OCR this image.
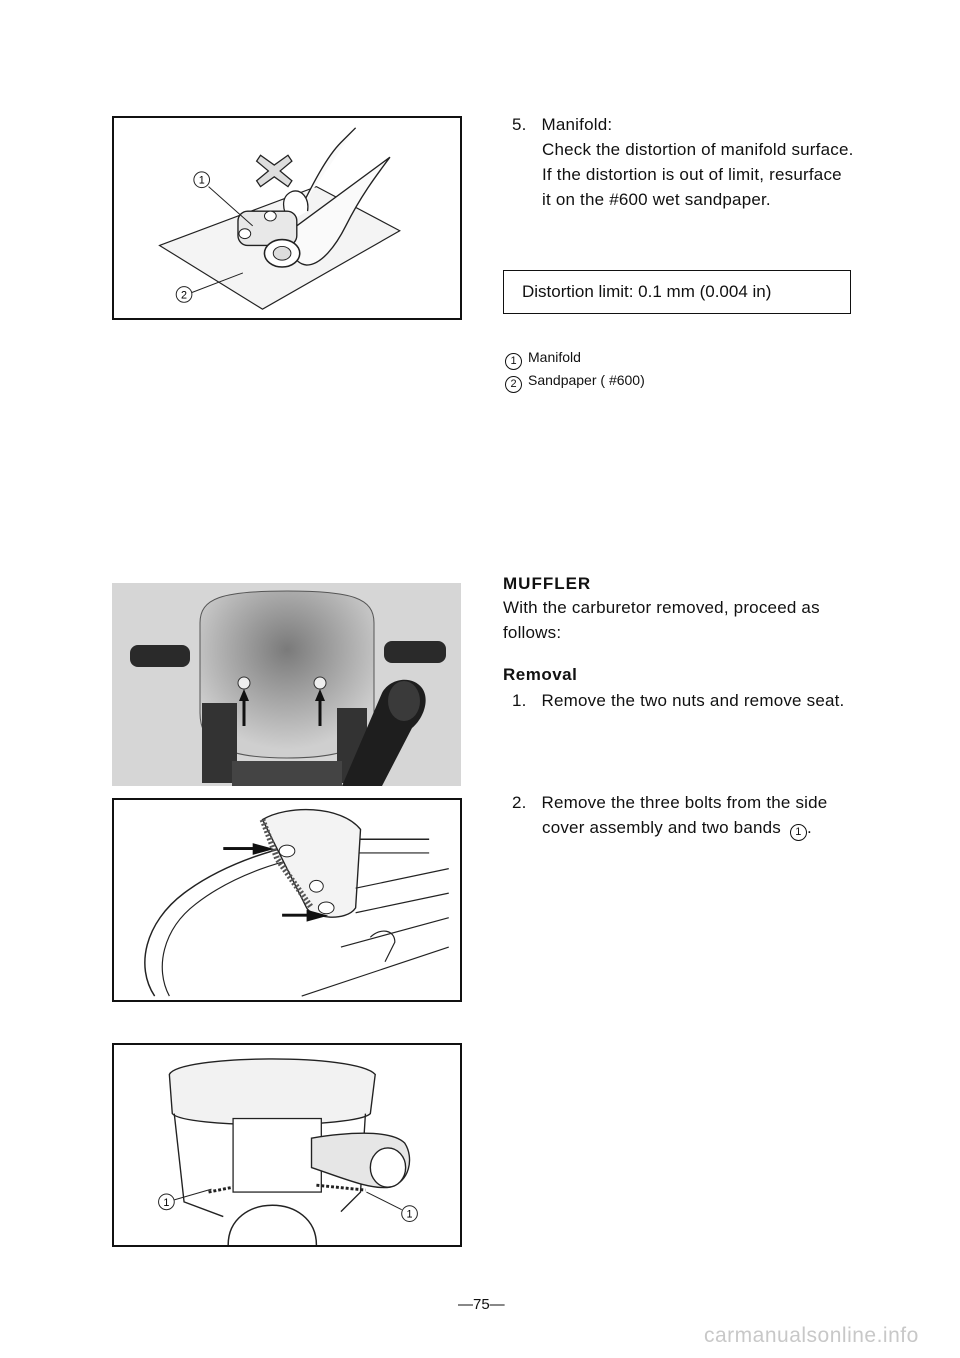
1
2
5. Manifold:
Check the distortion of manifold surface.
If the distortion is out of limit, resurface
it on the #600 wet sandpaper.
Distortion limit: 0.1 mm (0.004 in)
1 Manifold
2 Sandpaper ( #600)
1
1
MUFFLER
With the carburetor removed, proceed as
follows:
Removal
1. Remove the two nuts and remove seat.
2. Remove the three bolts from the side
cover assembly and two bands 1 .
—75—
carmanualsonline.info
